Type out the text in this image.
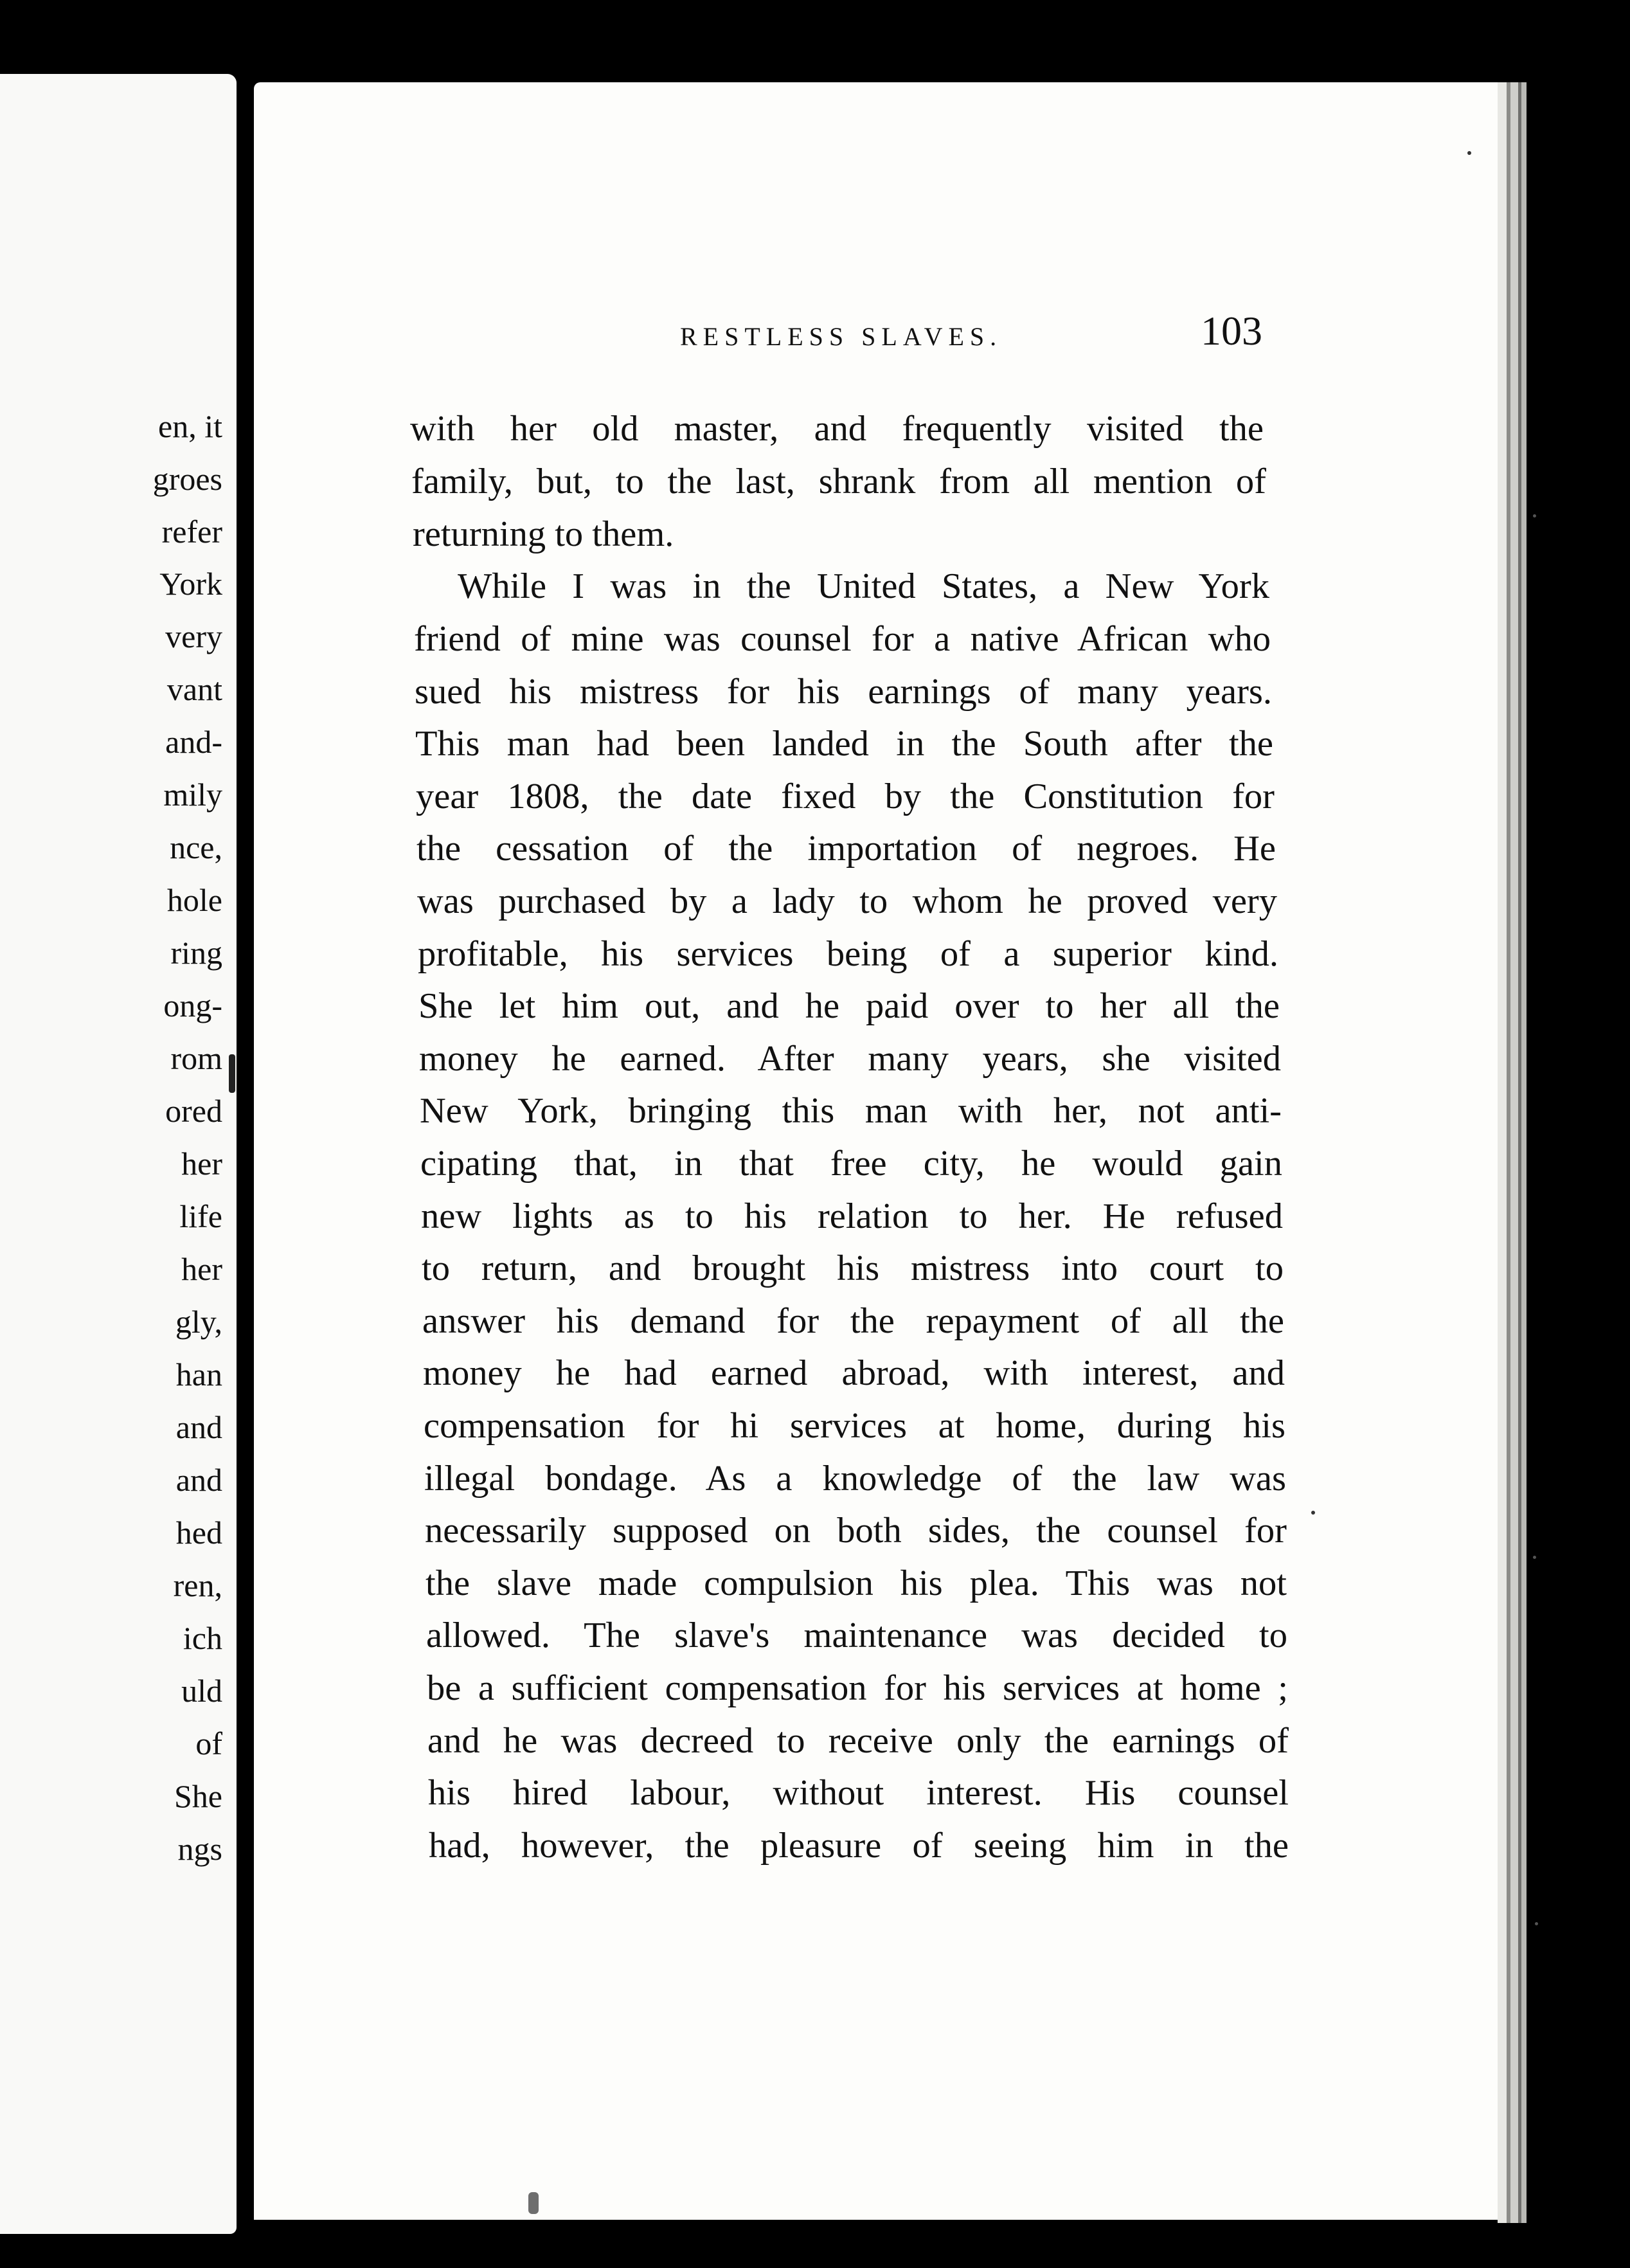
en, it
groes
refer
York
very
vant
and-
mily
nce,
hole
ring
ong-
rom
ored
her
life
her
gly,
han
and
and
hed
ren,
ich
uld
of
She
ngs
RESTLESS SLAVES.	103
with her old master, and frequently visited the
family, but, to the last, shrank from all mention of
returning to them.
While I was in the United States, a New York
friend of mine was counsel for a native African who
sued his mistress for his earnings of many years.
This man had been landed in the South after the
year 1808, the date fixed by the Constitution for
the cessation of the importation of negroes. He
was purchased by a lady to whom he proved very
profitable, his services being of a superior kind.
She let him out, and he paid over to her all the
money he earned. After many years, she visited
New York, bringing this man with her, not anti-
cipating that, in that free city, he would gain
new lights as to his relation to her. He refused
to return, and brought his mistress into court to
answer his demand for the repayment of all the
money he had earned abroad, with interest, and
compensation for hi services at home, during his
illegal bondage. As a knowledge of the law was
necessarily supposed on both sides, the counsel for
the slave made compulsion his plea. This was not
allowed. The slave's maintenance was decided to
be a sufficient compensation for his services at home ;
and he was decreed to receive only the earnings of
his hired labour, without interest. His counsel
had, however, the pleasure of seeing him in the
